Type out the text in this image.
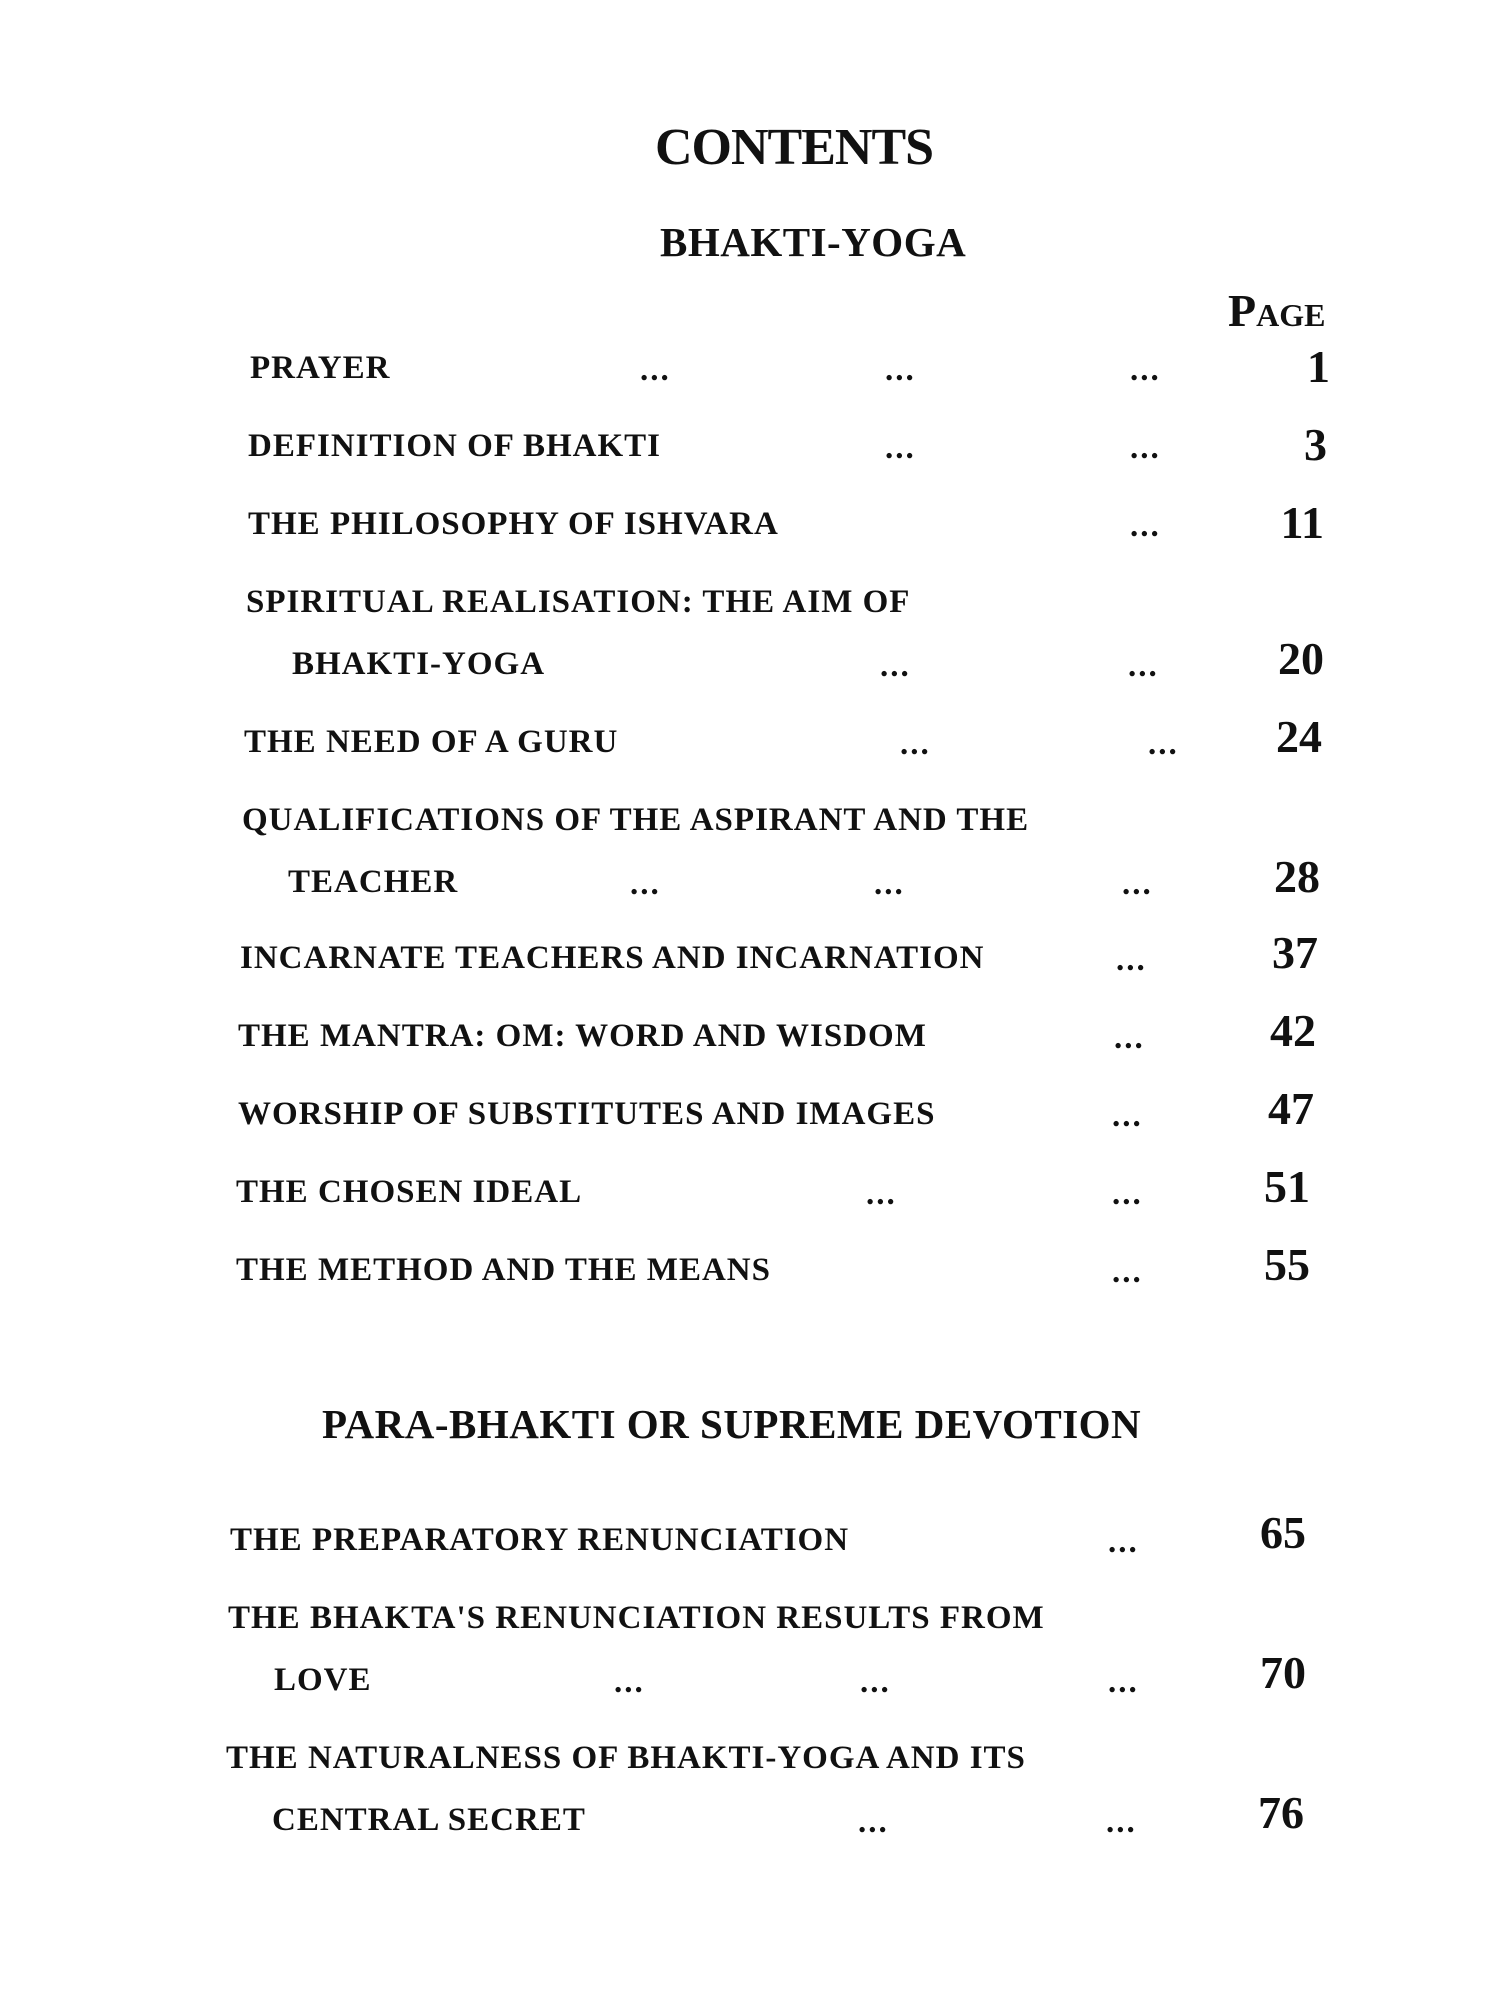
CONTENTS
BHAKTI-YOGA
Page
PRAYER	...	...	...	1
DEFINITION OF BHAKTI	...	...	3
THE PHILOSOPHY OF ISHVARA	...	11
SPIRITUAL REALISATION: THE AIM OF
BHAKTI-YOGA	...	...	20
THE NEED OF A GURU	...	...	24
QUALIFICATIONS OF THE ASPIRANT AND THE
TEACHER	...	...	...	28
INCARNATE TEACHERS AND INCARNATION	...	37
THE MANTRA: OM: WORD AND WISDOM	...	42
WORSHIP OF SUBSTITUTES AND IMAGES	...	47
THE CHOSEN IDEAL	...	...	51
THE METHOD AND THE MEANS	...	55
PARA-BHAKTI OR SUPREME DEVOTION
THE PREPARATORY RENUNCIATION	...	65
THE BHAKTA'S RENUNCIATION RESULTS FROM
LOVE	...	...	...	70
THE NATURALNESS OF BHAKTI-YOGA AND ITS
CENTRAL SECRET	...	...	76
